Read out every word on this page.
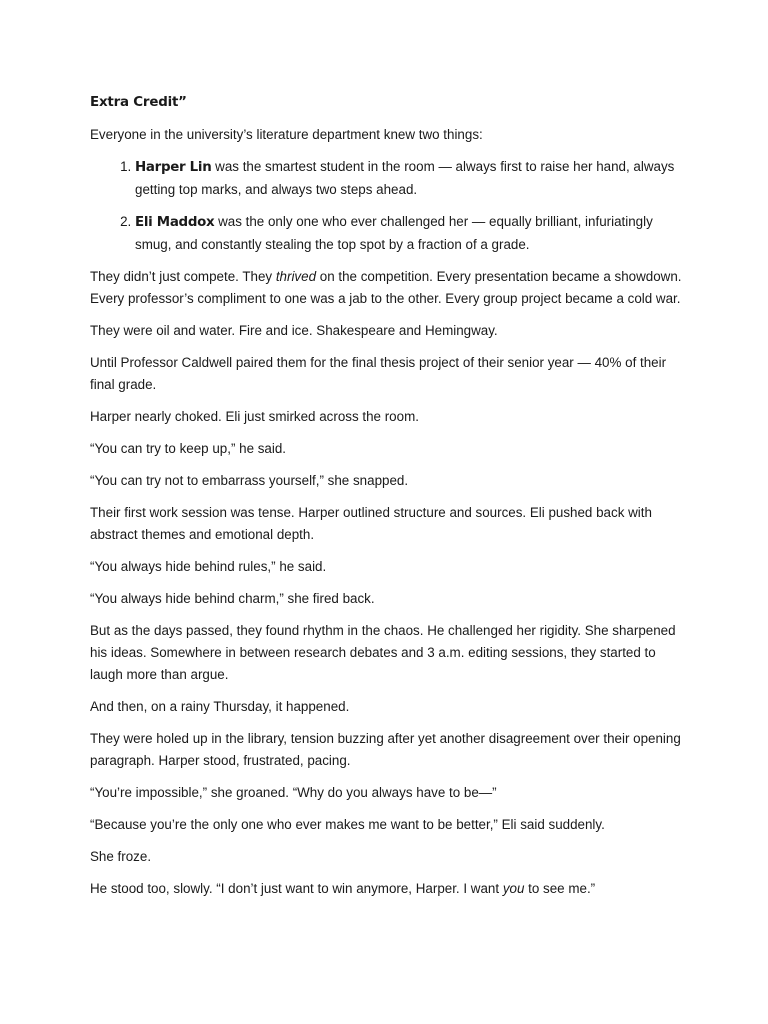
Extra Credit”

Everyone in the university’s literature department knew two things:

1. Harper Lin was the smartest student in the room — always first to raise her hand, always getting top marks, and always two steps ahead.
2. Eli Maddox was the only one who ever challenged her — equally brilliant, infuriatingly smug, and constantly stealing the top spot by a fraction of a grade.

They didn’t just compete. They thrived on the competition. Every presentation became a showdown. Every professor’s compliment to one was a jab to the other. Every group project became a cold war.

They were oil and water. Fire and ice. Shakespeare and Hemingway.

Until Professor Caldwell paired them for the final thesis project of their senior year — 40% of their final grade.

Harper nearly choked. Eli just smirked across the room.

“You can try to keep up,” he said.

“You can try not to embarrass yourself,” she snapped.

Their first work session was tense. Harper outlined structure and sources. Eli pushed back with abstract themes and emotional depth.

“You always hide behind rules,” he said.

“You always hide behind charm,” she fired back.

But as the days passed, they found rhythm in the chaos. He challenged her rigidity. She sharpened his ideas. Somewhere in between research debates and 3 a.m. editing sessions, they started to laugh more than argue.

And then, on a rainy Thursday, it happened.

They were holed up in the library, tension buzzing after yet another disagreement over their opening paragraph. Harper stood, frustrated, pacing.

“You’re impossible,” she groaned. “Why do you always have to be—”

“Because you’re the only one who ever makes me want to be better,” Eli said suddenly.

She froze.

He stood too, slowly. “I don’t just want to win anymore, Harper. I want you to see me.”
